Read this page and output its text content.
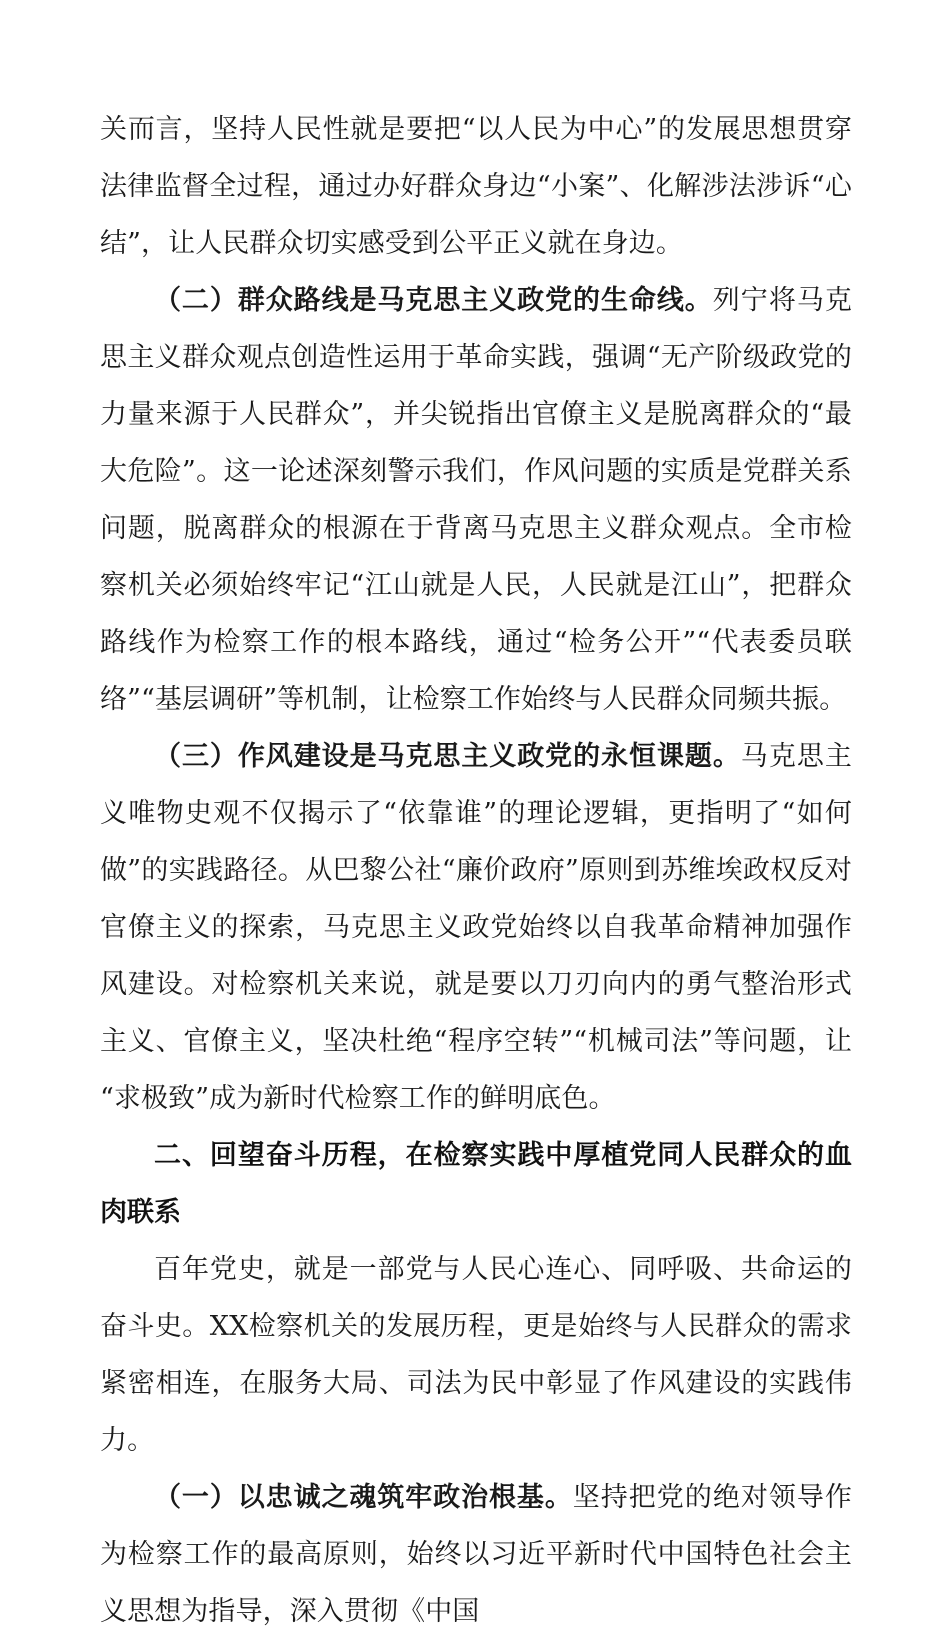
关而言，坚持人民性就是要把“以人民为中心”的发展思想贯穿法律监督全过程，通过办好群众身边“小案”、化解涉法涉诉“心结”，让人民群众切实感受到公平正义就在身边。

（二）群众路线是马克思主义政党的生命线。列宁将马克思主义群众观点创造性运用于革命实践，强调“无产阶级政党的力量来源于人民群众”，并尖锐指出官僚主义是脱离群众的“最大危险”。这一论述深刻警示我们，作风问题的实质是党群关系问题，脱离群众的根源在于背离马克思主义群众观点。全市检察机关必须始终牢记“江山就是人民，人民就是江山”，把群众路线作为检察工作的根本路线，通过“检务公开”“代表委员联络”“基层调研”等机制，让检察工作始终与人民群众同频共振。

（三）作风建设是马克思主义政党的永恒课题。马克思主义唯物史观不仅揭示了“依靠谁”的理论逻辑，更指明了“如何做”的实践路径。从巴黎公社“廉价政府”原则到苏维埃政权反对官僚主义的探索，马克思主义政党始终以自我革命精神加强作风建设。对检察机关来说，就是要以刀刃向内的勇气整治形式主义、官僚主义，坚决杜绝“程序空转”“机械司法”等问题，让“求极致”成为新时代检察工作的鲜明底色。

二、回望奋斗历程，在检察实践中厚植党同人民群众的血肉联系

百年党史，就是一部党与人民心连心、同呼吸、共命运的奋斗史。XX检察机关的发展历程，更是始终与人民群众的需求紧密相连，在服务大局、司法为民中彰显了作风建设的实践伟力。

（一）以忠诚之魂筑牢政治根基。坚持把党的绝对领导作为检察工作的最高原则，始终以习近平新时代中国特色社会主义思想为指导，深入贯彻《中国
